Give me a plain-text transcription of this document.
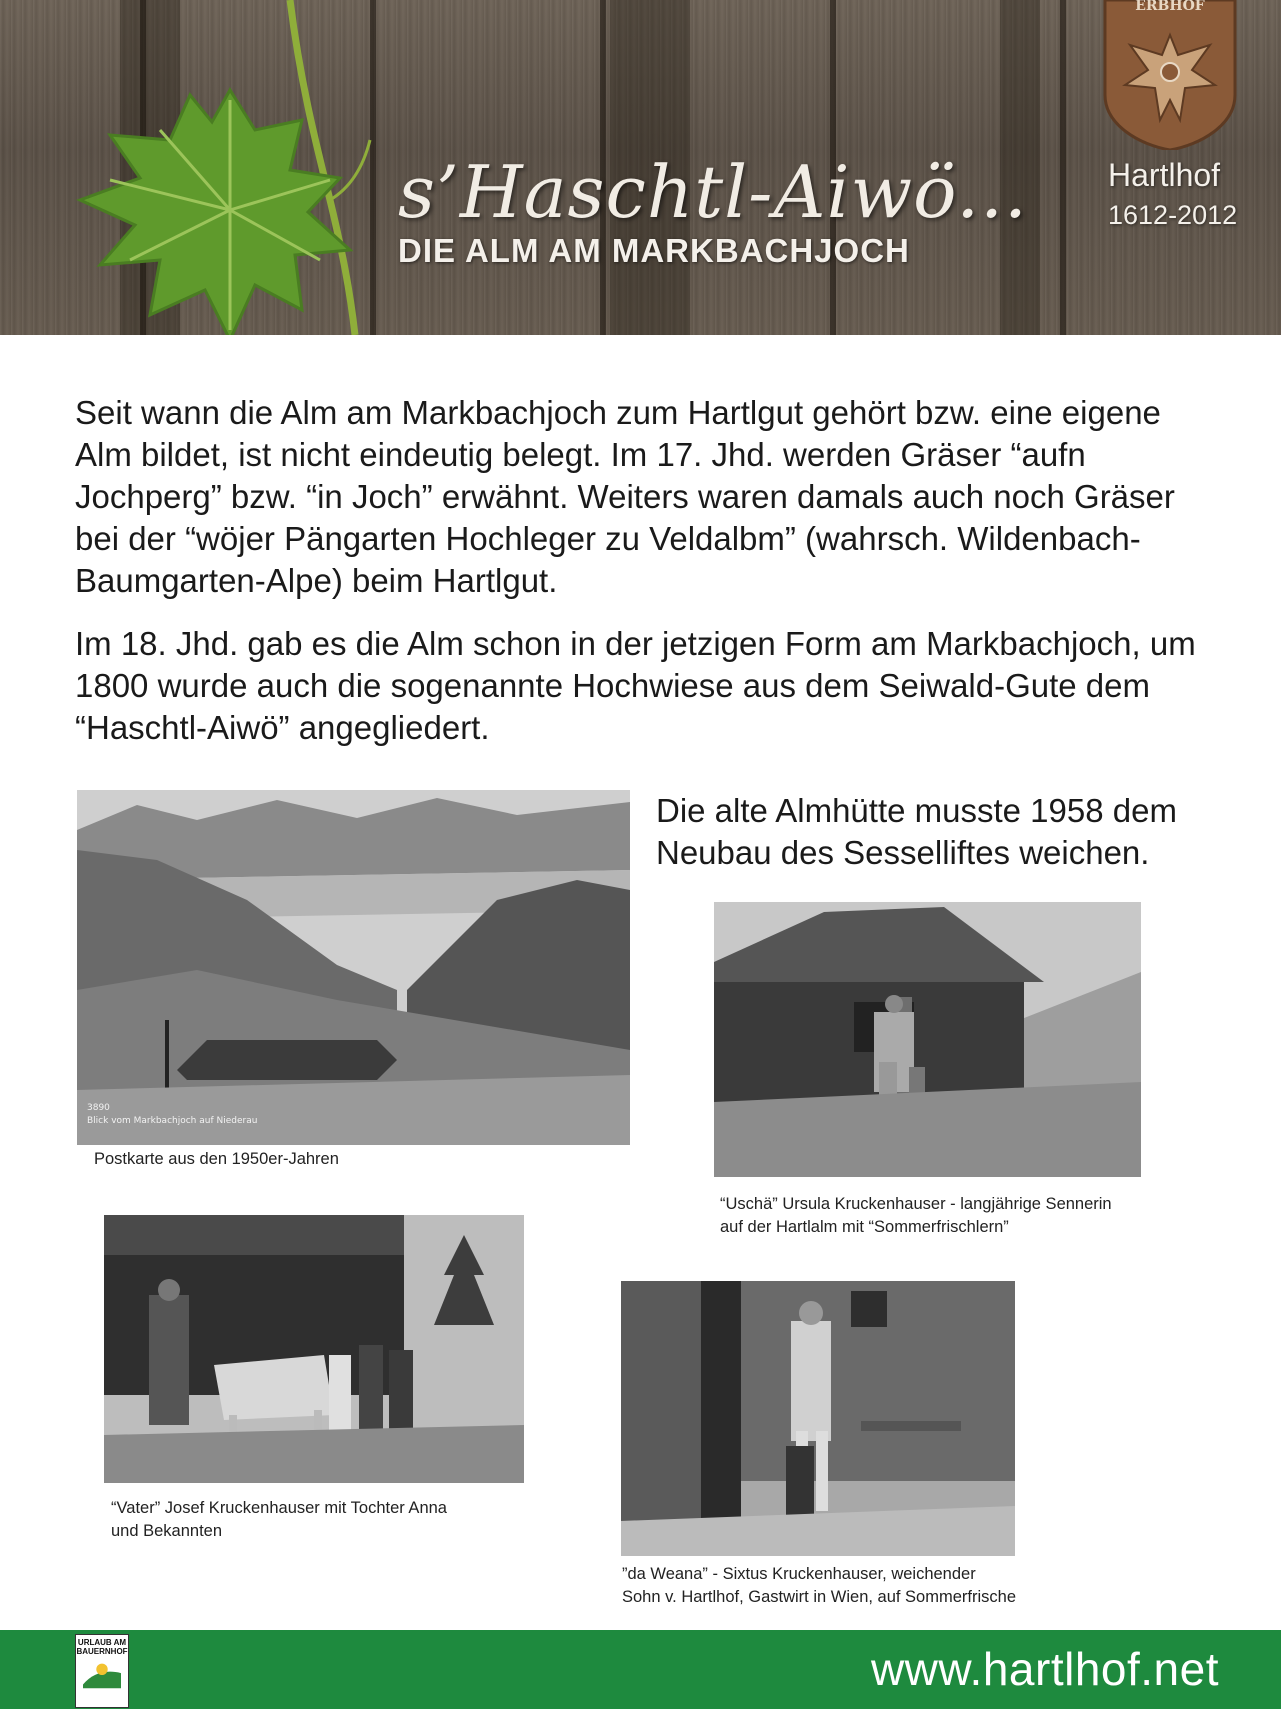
s’Haschtl-Aiwö...
DIE ALM AM MARKBACHJOCH
ERBHOF
Hartlhof
1612-2012

Seit wann die Alm am Markbachjoch zum Hartlgut gehört bzw. eine eigene Alm bildet, ist nicht eindeutig belegt. Im 17. Jhd. werden Gräser “aufn Jochperg” bzw. “in Joch” erwähnt. Weiters waren damals auch noch Gräser bei der “wöjer Pängarten Hochleger zu Veldalbm” (wahrsch. Wildenbach-Baumgarten-Alpe) beim Hartlgut.

Im 18. Jhd. gab es die Alm schon in der jetzigen Form am Markbachjoch, um 1800 wurde auch die sogenannte Hochwiese aus dem Seiwald-Gute dem “Haschtl-Aiwö” angegliedert.

Die alte Almhütte musste 1958 dem Neubau des Sesselliftes weichen.

3890
Blick vom Markbachjoch auf Niederau

Postkarte aus den 1950er-Jahren

“Uschä” Ursula Kruckenhauser - langjährige Sennerin
auf der Hartlalm mit “Sommerfrischlern”

“Vater” Josef Kruckenhauser mit Tochter Anna
und Bekannten

”da Weana” - Sixtus Kruckenhauser, weichender
Sohn v. Hartlhof, Gastwirt in Wien, auf Sommerfrische

URLAUB AM BAUERNHOF	www.hartlhof.net
